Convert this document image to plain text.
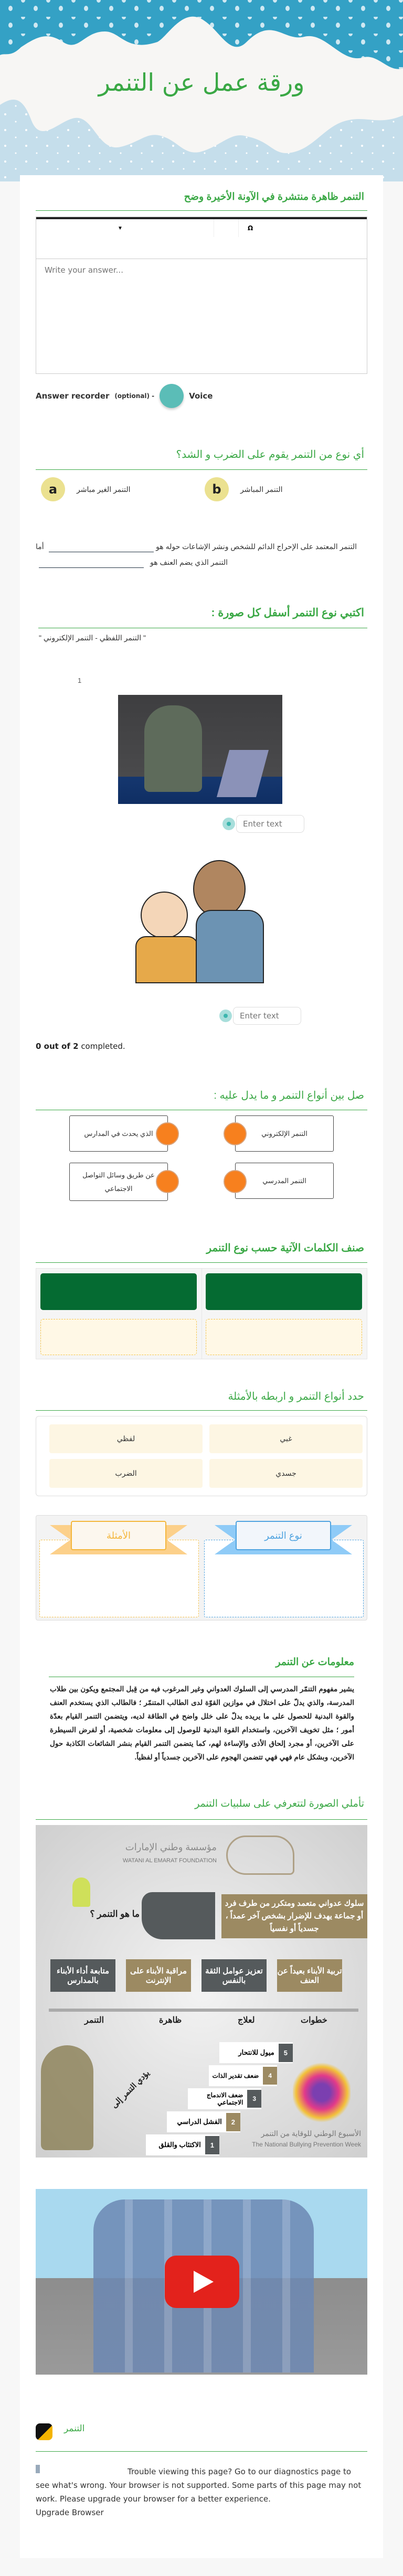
ورقة عمل عن التنمر
التنمر ظاهرة منتشرة في الآونة الأخيرة وضح
▼	Ω
Write your answer...
Answer recorder (optional) -	Voice
أي نوع من التنمر يقوم على الضرب و الشد؟
a	التنمر الغير مباشر	b	التنمر المباشر
التنمر المعتمد على الإحراج الدائم للشخص ونشر الإشاعات حوله هو
أما
التنمر الذي يضم العنف هو
اكتبي نوع التنمر أسفل كل صورة :
" التنمر اللفظي - التنمر الإلكتروني "
1
Enter text
Enter text
0 out of 2 completed.
صل بين أنواع التنمر و ما يدل عليه :
الذي يحدث في المدارس
عن طريق وسائل التواصل الاجتماعي
التنمر الإلكتروني
التنمر المدرسي
صنف الكلمات الآتية حسب نوع التنمر
حدد أنواع التنمر و اربطه بالأمثلة
غبي
لفظي
جسدي
الضرب
نوع التنمر
الأمثلة
معلومات عن التنمر
يشير مفهوم التنمّر المدرسي إلى السلوك العدواني وغير المرغوب فيه من قِبل المجتمع ويكون بين طلاب المدرسة، والذي يدلّ على اختلال في موازين القوّة لدى الطالب المتنمّر ؛ فالطالب الذي يستخدم العنف والقوة البدنية للحصول على ما يريده يدلّ على خلل واضح في الطاقة لديه، ويتضمن التنمر القيام بعدّة أمور ؛ مثل تخويف الآخرين، واستخدام القوة البدنية للوصول إلى معلومات شخصية، أو لفرض السيطرة على الآخرين، أو مجرد إلحاق الأذى والإساءة لهم، كما يتضمن التنمر القيام بنشر الشائعات الكاذبة حول الآخرين، وبشكل عام فهي فهي تتضمن الهجوم على الآخرين جسدياً أو لفظياً.
تأملي الصورة لتتعرفي على سلبيات التنمر
مؤسسة وطني الإمارات
WATANI AL EMARAT FOUNDATION
سلوك عدواني متعمد ومتكرر من طرف فرد أو جماعة يهدف للإضرار بشخص آخر عمداً ، جسدياً أو نفسياً
ما هو التنمر ؟
تربية الأبناء بعيداً عن العنف
تعزيز عوامل الثقة بالنفس
مراقبة الأبناء على الإنترنت
متابعة أداء الأبناء بالمدارس
خطوات
لعلاج
ظاهرة
التنمر
يؤدي التنمر إلى
1
الاكتئاب والقلق
2
الفشل الدراسي
3
ضعف الاندماج الاجتماعي
4
ضعف تقدير الذات
5
ميول للانتحار
الأسبوع الوطني للوقاية من التنمر
The National Bullying Prevention Week
التنمر
Trouble viewing this page? Go to our diagnostics page to see what's wrong. Your browser is not supported. Some parts of this page may not work. Please upgrade your browser for a better experience.
Upgrade Browser
